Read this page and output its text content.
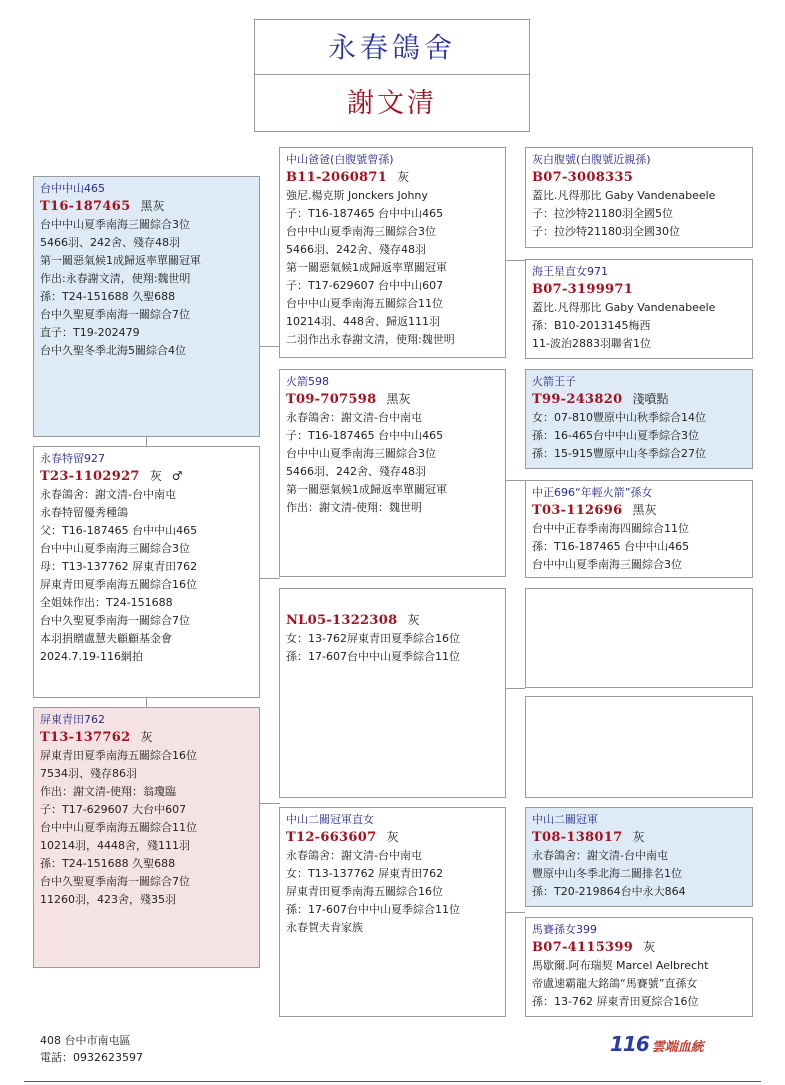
永春鴿舍
謝文清
台中中山465
T16-187465 黑灰
台中中山夏季南海三關綜合3位
5466羽、242舍、殘存48羽
第一關惡氣候1成歸返率單關冠軍
作出:永春謝文清，使翔:魏世明
孫：T24-151688 久聖688
台中久聖夏季南海一關綜合7位
直子：T19-202479
台中久聖冬季北海5關綜合4位
永春特留927
T23-1102927 灰 ♂
永春鴿舍：謝文清-台中南屯
永春特留優秀種鴿
父：T16-187465 台中中山465
台中中山夏季南海三關綜合3位
母：T13-137762 屏東青田762
屏東青田夏季南海五關綜合16位
全姐妹作出：T24-151688
台中久聖夏季南海一關綜合7位
本羽捐贈盧慧夫顧顧基金會
2024.7.19-116網拍
屏東青田762
T13-137762 灰
屏東青田夏季南海五關綜合16位
7534羽、殘存86羽
作出：謝文清-使翔：翁瓊臨
子：T17-629607 大台中607
台中中山夏季南海五關綜合11位
10214羽，4448舍，殘111羽
孫：T24-151688 久聖688
台中久聖夏季南海一關綜合7位
11260羽，423舍，殘35羽
中山爸爸(白腹號曾孫)
B11-2060871 灰
強尼.楊克斯 Jonckers Johny
子：T16-187465 台中中山465
台中中山夏季南海三關綜合3位
5466羽、242舍、殘存48羽
第一關惡氣候1成歸返率單關冠軍
子：T17-629607 台中中山607
台中中山夏季南海五關綜合11位
10214羽、448舍、歸返111羽
二羽作出永春謝文清，使翔:魏世明
火箭598
T09-707598 黑灰
永春鴿舍：謝文清-台中南屯
子：T16-187465 台中中山465
台中中山夏季南海三關綜合3位
5466羽、242舍、殘存48羽
第一關惡氣候1成歸返率單關冠軍
作出：謝文清-使翔：魏世明
NL05-1322308 灰
女：13-762屏東青田夏季綜合16位
孫：17-607台中中山夏季綜合11位
中山二關冠軍直女
T12-663607 灰
永春鴿舍：謝文清-台中南屯
女：T13-137762 屏東青田762
屏東青田夏季南海五關綜合16位
孫：17-607台中中山夏季綜合11位
永春賀夫肯家族
灰白腹號(白腹號近親孫)
B07-3008335
蓋比.凡得那比 Gaby Vandenabeele
子：拉沙特21180羽全國5位
子：拉沙特21180羽全國30位
海王星直女971
B07-3199971
蓋比.凡得那比 Gaby Vandenabeele
孫：B10-2013145梅西
11-波治2883羽聯省1位
火箭王子
T99-243820 淺噴點
女：07-810豐原中山秋季綜合14位
孫：16-465台中中山夏季綜合3位
孫：15-915豐原中山冬季綜合27位
中正696“年輕火箭”孫女
T03-112696 黑灰
台中中正春季南海四關綜合11位
孫：T16-187465 台中中山465
台中中山夏季南海三關綜合3位
中山二關冠軍
T08-138017 灰
永春鴿舍：謝文清-台中南屯
豐原中山冬季北海二關排名1位
孫：T20-219864台中永大864
馬賽孫女399
B07-4115399 灰
馬歇爾.阿布瑞契 Marcel Aelbrecht
帝盧速霸龍大銘鴿“馬賽號”直孫女
孫：13-762 屏東青田夏綜合16位
408 台中市南屯區
電話：0932623597
116 雲端血統
